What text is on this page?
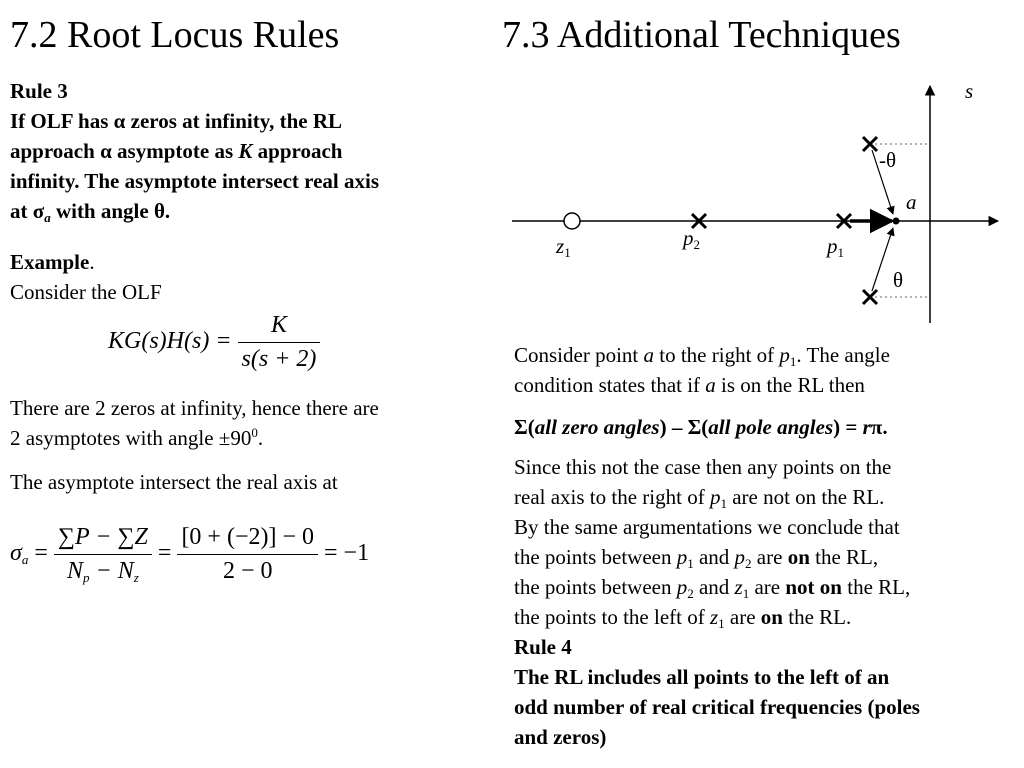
7.2 Root Locus Rules	7.3 Additional Techniques
Rule 3
If OLF has α zeros at infinity, the RL
approach α asymptote as K approach
infinity. The asymptote intersect real axis
at $\sigma_a$ with angle θ.
Example.
Consider the OLF
$KG(s)H(s) = \frac{K}{s(s + 2)}$
There are 2 zeros at infinity, hence there are
2 asymptotes with angle $\pm 90^0$.
The asymptote intersect the real axis at
$\sigma_a = \frac{\sum P - \sum Z}{N_p - N_z} = \frac{[0 + (-2)] - 0}{2 - 0} = -1$
s
a
-θ
θ
z1
p2	p1
Consider point a to the right of $p_1$. The angle
condition states that if a is on the RL then
Σ(all zero angles) – Σ(all pole angles) = rπ.
Since this not the case then any points on the
real axis to the right of $p_1$ are not on the RL.
By the same argumentations we conclude that
the points between $p_1$ and $p_2$ are on the RL,
the points between $p_2$ and $z_1$ are not on the RL,
the points to the left of $z_1$ are on the RL.
Rule 4
The RL includes all points to the left of an
odd number of real critical frequencies (poles
and zeros)
